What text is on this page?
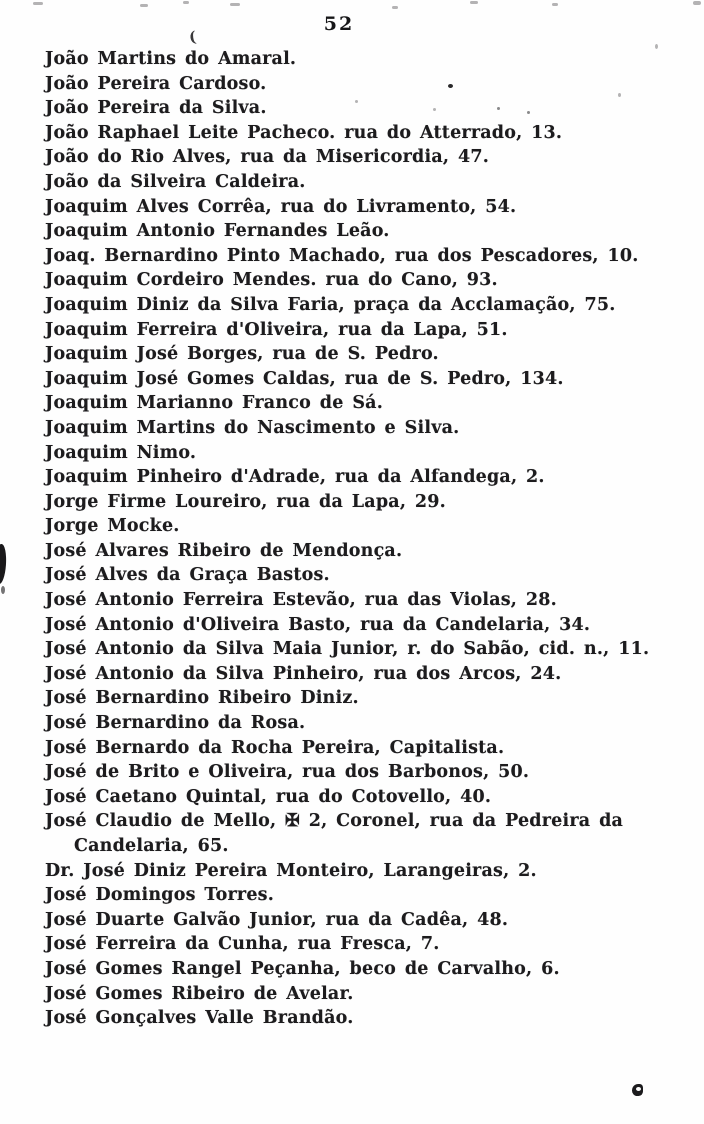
52
João Martins do Amaral.
João Pereira Cardoso.
João Pereira da Silva.
João Raphael Leite Pacheco. rua do Atterrado, 13.
João do Rio Alves, rua da Misericordia, 47.
João da Silveira Caldeira.
Joaquim Alves Corrêa, rua do Livramento, 54.
Joaquim Antonio Fernandes Leão.
Joaq. Bernardino Pinto Machado, rua dos Pescadores, 10.
Joaquim Cordeiro Mendes. rua do Cano, 93.
Joaquim Diniz da Silva Faria, praça da Acclamação, 75.
Joaquim Ferreira d'Oliveira, rua da Lapa, 51.
Joaquim José Borges, rua de S. Pedro.
Joaquim José Gomes Caldas, rua de S. Pedro, 134.
Joaquim Marianno Franco de Sá.
Joaquim Martins do Nascimento e Silva.
Joaquim Nimo.
Joaquim Pinheiro d'Adrade, rua da Alfandega, 2.
Jorge Firme Loureiro, rua da Lapa, 29.
Jorge Mocke.
José Alvares Ribeiro de Mendonça.
José Alves da Graça Bastos.
José Antonio Ferreira Estevão, rua das Violas, 28.
José Antonio d'Oliveira Basto, rua da Candelaria, 34.
José Antonio da Silva Maia Junior, r. do Sabão, cid. n., 11.
José Antonio da Silva Pinheiro, rua dos Arcos, 24.
José Bernardino Ribeiro Diniz.
José Bernardino da Rosa.
José Bernardo da Rocha Pereira, Capitalista.
José de Brito e Oliveira, rua dos Barbonos, 50.
José Caetano Quintal, rua do Cotovello, 40.
José Claudio de Mello, ✠ 2, Coronel, rua da Pedreira da
Candelaria, 65.
Dr. José Diniz Pereira Monteiro, Larangeiras, 2.
José Domingos Torres.
José Duarte Galvão Junior, rua da Cadêa, 48.
José Ferreira da Cunha, rua Fresca, 7.
José Gomes Rangel Peçanha, beco de Carvalho, 6.
José Gomes Ribeiro de Avelar.
José Gonçalves Valle Brandão.
(
